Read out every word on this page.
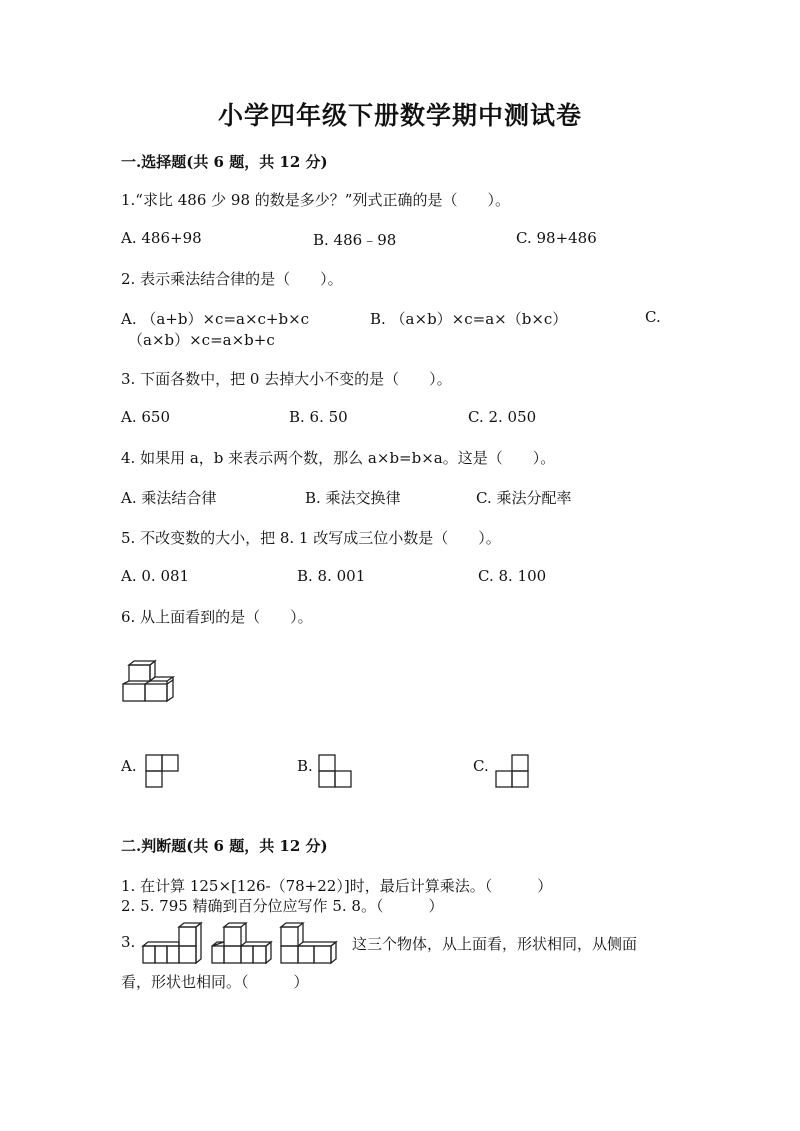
小学四年级下册数学期中测试卷
一.选择题(共 6 题，共 12 分)
1.“求比 486 少 98 的数是多少？”列式正确的是（　　）。
A. 486+98	B. 486﹣98	C. 98+486
2. 表示乘法结合律的是（　　）。
A. （a+b）×c=a×c+b×c	B. （a×b）×c=a×（b×c）	C.
（a×b）×c=a×b+c
3. 下面各数中，把 0 去掉大小不变的是（　　）。
A. 650	B. 6. 50	C. 2. 050
4. 如果用 a，b 来表示两个数，那么 a×b=b×a。这是（　　）。
A. 乘法结合律	B. 乘法交换律	C. 乘法分配率
5. 不改变数的大小，把 8. 1 改写成三位小数是（　　）。
A. 0. 081	B. 8. 001	C. 8. 100
6. 从上面看到的是（　　）。
A.	B.	C.
二.判断题(共 6 题，共 12 分)
1. 在计算 125×[126-（78+22）]时，最后计算乘法。（　　　）
2. 5. 795 精确到百分位应写作 5. 8。（　　　）
3.	这三个物体，从上面看，形状相同，从侧面
看，形状也相同。（　　　）
